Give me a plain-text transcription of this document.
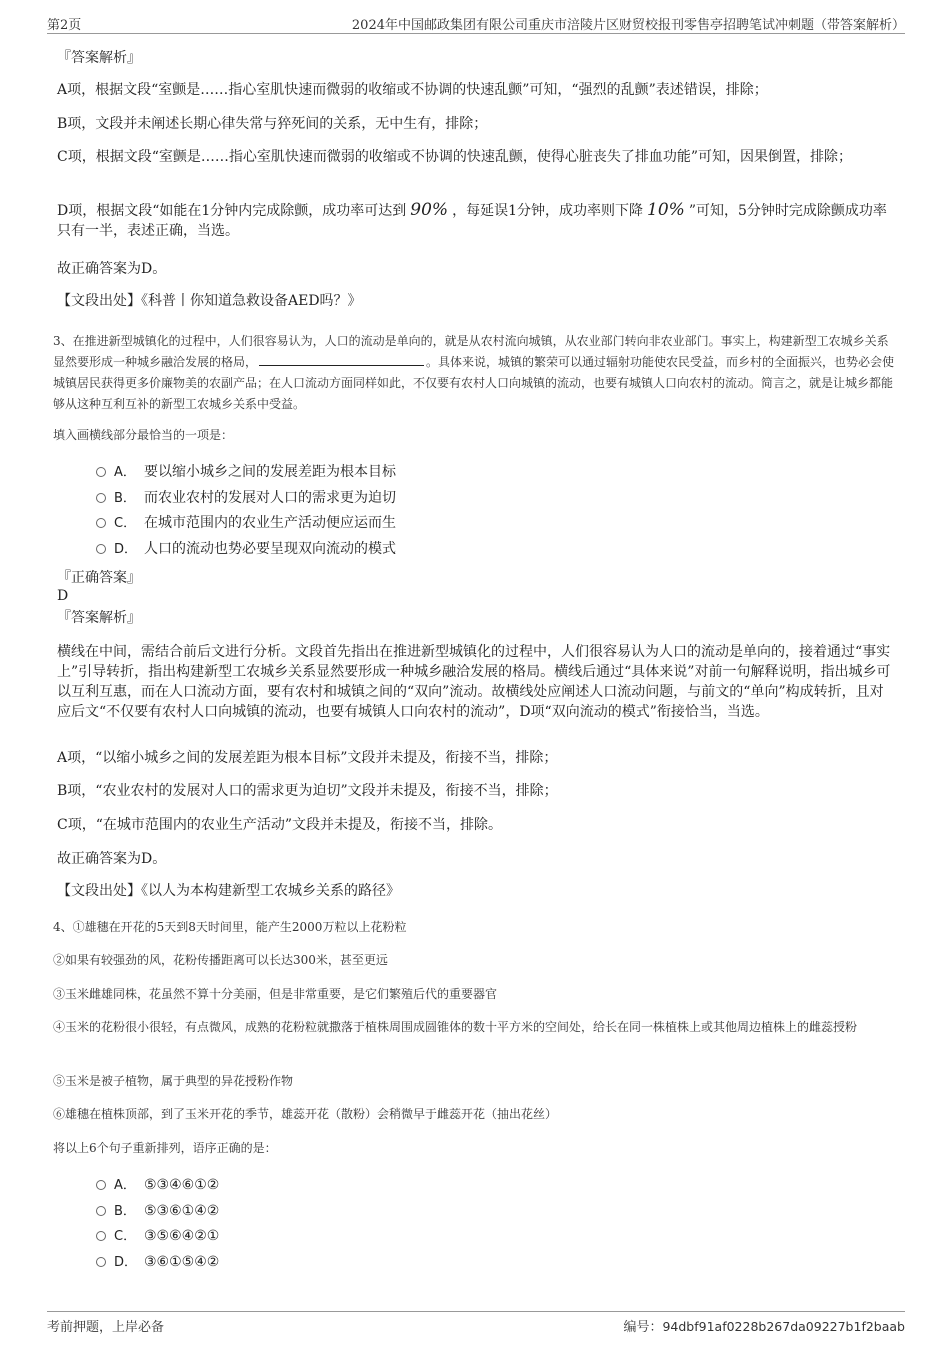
第2页	2024年中国邮政集团有限公司重庆市涪陵片区财贸校报刊零售亭招聘笔试冲刺题（带答案解析）
『答案解析』
A项，根据文段“室颤是……指心室肌快速而微弱的收缩或不协调的快速乱颤”可知，“强烈的乱颤”表述错误，排除；
B项，文段并未阐述长期心律失常与猝死间的关系，无中生有，排除；
C项，根据文段“室颤是……指心室肌快速而微弱的收缩或不协调的快速乱颤，使得心脏丧失了排血功能”可知，因果倒置，排除；
D项，根据文段“如能在1分钟内完成除颤，成功率可达到 90% ，每延误1分钟，成功率则下降 10% ”可知，5分钟时完成除颤成功率只有一半，表述正确，当选。
故正确答案为D。
【文段出处】《科普丨你知道急救设备AED吗？》
3、在推进新型城镇化的过程中，人们很容易认为，人口的流动是单向的，就是从农村流向城镇，从农业部门转向非农业部门。事实上，构建新型工农城乡关系显然要形成一种城乡融洽发展的格局，	。具体来说，城镇的繁荣可以通过辐射功能使农民受益，而乡村的全面振兴，也势必会使城镇居民获得更多价廉物美的农副产品；在人口流动方面同样如此，不仅要有农村人口向城镇的流动，也要有城镇人口向农村的流动。简言之，就是让城乡都能够从这种互利互补的新型工农城乡关系中受益。
填入画横线部分最恰当的一项是：
A． 要以缩小城乡之间的发展差距为根本目标
B． 而农业农村的发展对人口的需求更为迫切
C． 在城市范围内的农业生产活动便应运而生
D． 人口的流动也势必要呈现双向流动的模式
『正确答案』
D
『答案解析』
横线在中间，需结合前后文进行分析。文段首先指出在推进新型城镇化的过程中，人们很容易认为人口的流动是单向的，接着通过“事实上”引导转折，指出构建新型工农城乡关系显然要形成一种城乡融洽发展的格局。横线后通过“具体来说”对前一句解释说明，指出城乡可以互利互惠，而在人口流动方面，要有农村和城镇之间的“双向”流动。故横线处应阐述人口流动问题，与前文的“单向”构成转折，且对应后文“不仅要有农村人口向城镇的流动，也要有城镇人口向农村的流动”，D项“双向流动的模式”衔接恰当，当选。
A项，“以缩小城乡之间的发展差距为根本目标”文段并未提及，衔接不当，排除；
B项，“农业农村的发展对人口的需求更为迫切”文段并未提及，衔接不当，排除；
C项，“在城市范围内的农业生产活动”文段并未提及，衔接不当，排除。
故正确答案为D。
【文段出处】《以人为本构建新型工农城乡关系的路径》
4、①雄穗在开花的5天到8天时间里，能产生2000万粒以上花粉粒
②如果有较强劲的风，花粉传播距离可以长达300米，甚至更远
③玉米雌雄同株，花虽然不算十分美丽，但是非常重要，是它们繁殖后代的重要器官
④玉米的花粉很小很轻，有点微风，成熟的花粉粒就撒落于植株周围成圆锥体的数十平方米的空间处，给长在同一株植株上或其他周边植株上的雌蕊授粉
⑤玉米是被子植物，属于典型的异花授粉作物
⑥雄穗在植株顶部，到了玉米开花的季节，雄蕊开花（散粉）会稍微早于雌蕊开花（抽出花丝）
将以上6个句子重新排列，语序正确的是：
A． ⑤③④⑥①②
B． ⑤③⑥①④②
C． ③⑤⑥④②①
D． ③⑥①⑤④②
考前押题，上岸必备	编号：94dbf91af0228b267da09227b1f2baab
